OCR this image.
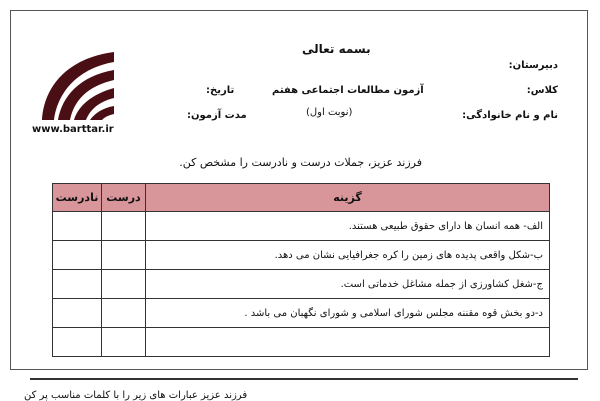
بسمه تعالی
دبیرستان:
کلاس:
نام و نام خانوادگی:
آزمون مطالعات اجتماعی هفتم
(نوبت اول)
تاریخ:
مدت آزمون:
www.barttar.ir
فرزند عزیز، جملات درست و نادرست را مشخص کن.
نادرست	درست	گزینه
		الف- همه انسان ها دارای حقوق طبیعی هستند.
		ب-شکل واقعی پدیده های زمین را کره جغرافیایی نشان می دهد.
		ج-شغل کشاورزی از جمله مشاغل خدماتی است.
		د-دو بخش قوه مقننه مجلس شورای اسلامی و شورای نگهبان می باشد .

فرزند عزیز عبارات های زیر را با کلمات مناسب پر کن
